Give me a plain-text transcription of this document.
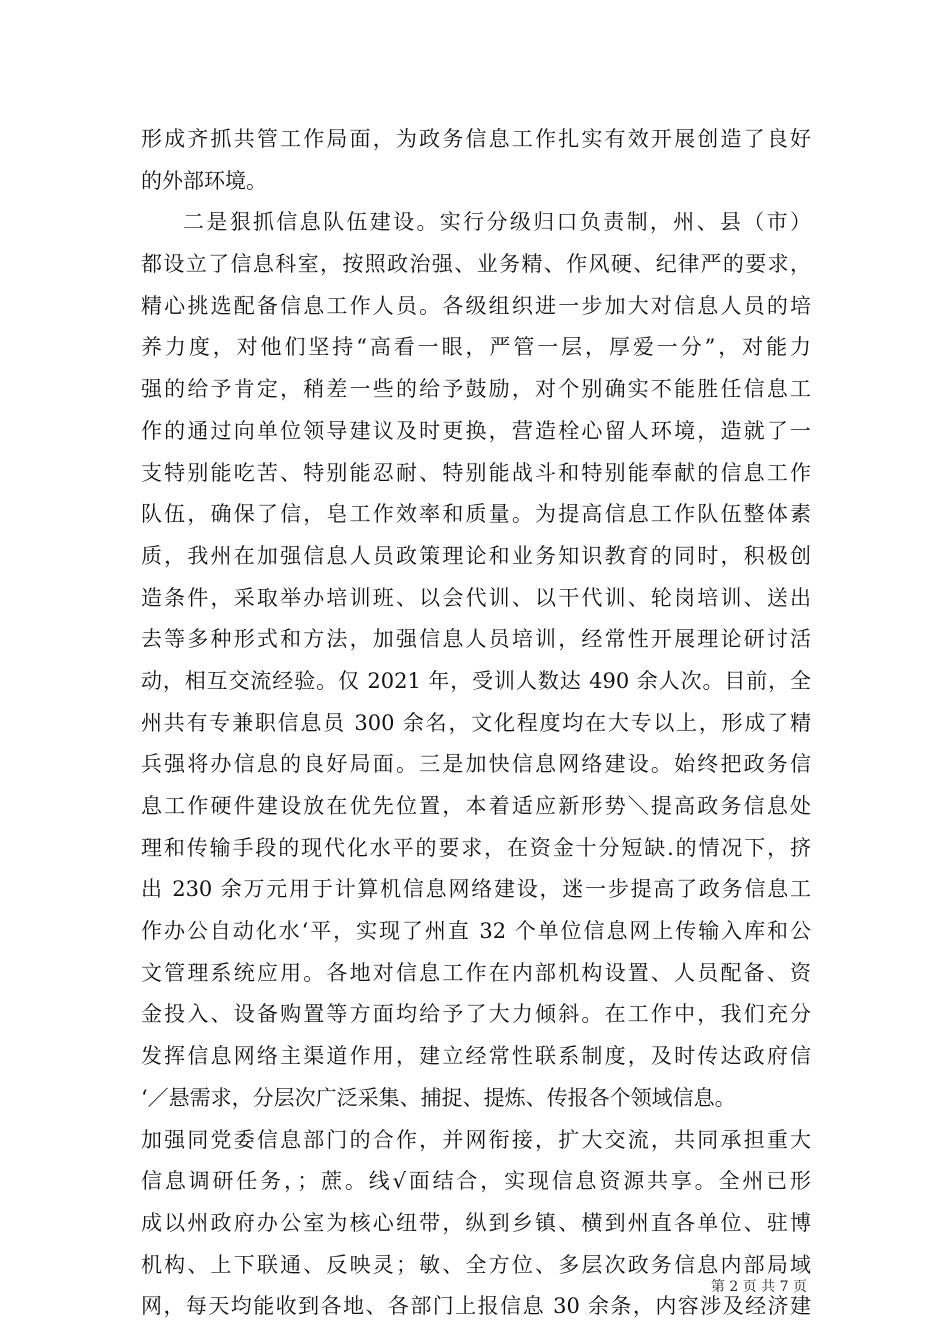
形成齐抓共管工作局面，为政务信息工作扎实有效开展创造了良好
的外部环境。
二是狠抓信息队伍建设。实行分级归口负责制，州、县（市）
都设立了信息科室，按照政治强、业务精、作风硬、纪律严的要求，
精心挑选配备信息工作人员。各级组织进一步加大对信息人员的培
养力度，对他们坚持“高看一眼，严管一层，厚爱一分”，对能力
强的给予肯定，稍差一些的给予鼓励，对个别确实不能胜任信息工
作的通过向单位领导建议及时更换，营造栓心留人环境，造就了一
支特别能吃苦、特别能忍耐、特别能战斗和特别能奉献的信息工作
队伍，确保了信，皂工作效率和质量。为提高信息工作队伍整体素
质，我州在加强信息人员政策理论和业务知识教育的同时，积极创
造条件，采取举办培训班、以会代训、以干代训、轮岗培训、送出
去等多种形式和方法，加强信息人员培训，经常性开展理论研讨活
动，相互交流经验。仅 2021 年，受训人数达 490 余人次。目前，全
州共有专兼职信息员 300 余名，文化程度均在大专以上，形成了精
兵强将办信息的良好局面。三是加快信息网络建设。始终把政务信
息工作硬件建设放在优先位置，本着适应新形势＼提高政务信息处
理和传输手段的现代化水平的要求，在资金十分短缺.的情况下，挤
出 230 余万元用于计算机信息网络建设，迷一步提高了政务信息工
作办公自动化水‘平，实现了州直 32 个单位信息网上传输入库和公
文管理系统应用。各地对信息工作在内部机构设置、人员配备、资
金投入、设备购置等方面均给予了大力倾斜。在工作中，我们充分
发挥信息网络主渠道作用，建立经常性联系制度，及时传达政府信
‘／悬需求，分层次广泛采集、捕捉、提炼、传报各个领域信息。
加强同党委信息部门的合作，并网衔接，扩大交流，共同承担重大
信息调研任务，；蔗。线√面结合，实现信息资源共享。全州已形
成以州政府办公室为核心纽带，纵到乡镇、横到州直各单位、驻博
机构、上下联通、反映灵；敏、全方位、多层次政务信息内部局域
网，每天均能收到各地、各部门上报信息 30 余条，内容涉及经济建
第 2 页 共 7 页
